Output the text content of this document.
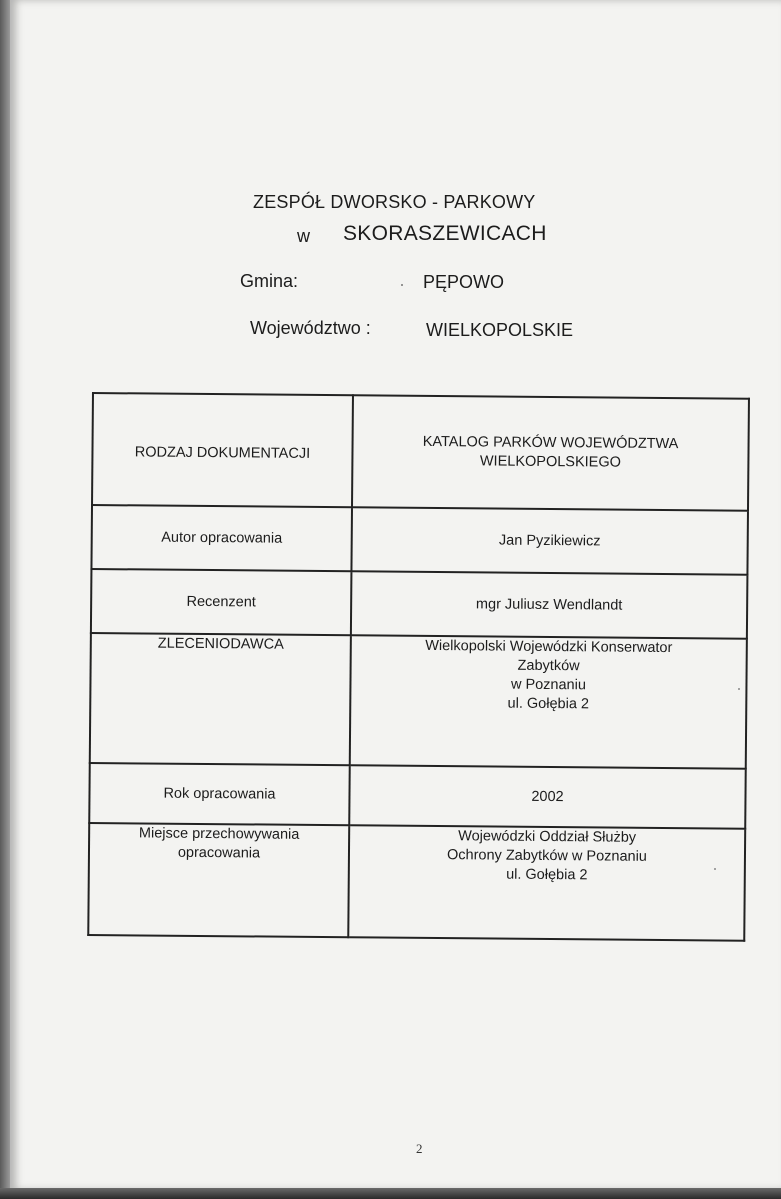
ZESPÓŁ DWORSKO - PARKOWY
w SKORASZEWICACH
Gmina:	PĘPOWO
Województwo :	WIELKOPOLSKIE
RODZAJ DOKUMENTACJI	KATALOG PARKÓW WOJEWÓDZTWA
WIELKOPOLSKIEGO

Autor opracowania	Jan Pyzikiewicz

Recenzent	mgr Juliusz Wendlandt

ZLECENIODAWCA	Wielkopolski Wojewódzki Konserwator
Zabytków
w Poznaniu
ul. Gołębia 2

Rok opracowania	2002

Miejsce przechowywania
opracowania	Wojewódzki Oddział Służby
Ochrony Zabytków w Poznaniu
ul. Gołębia 2
2
